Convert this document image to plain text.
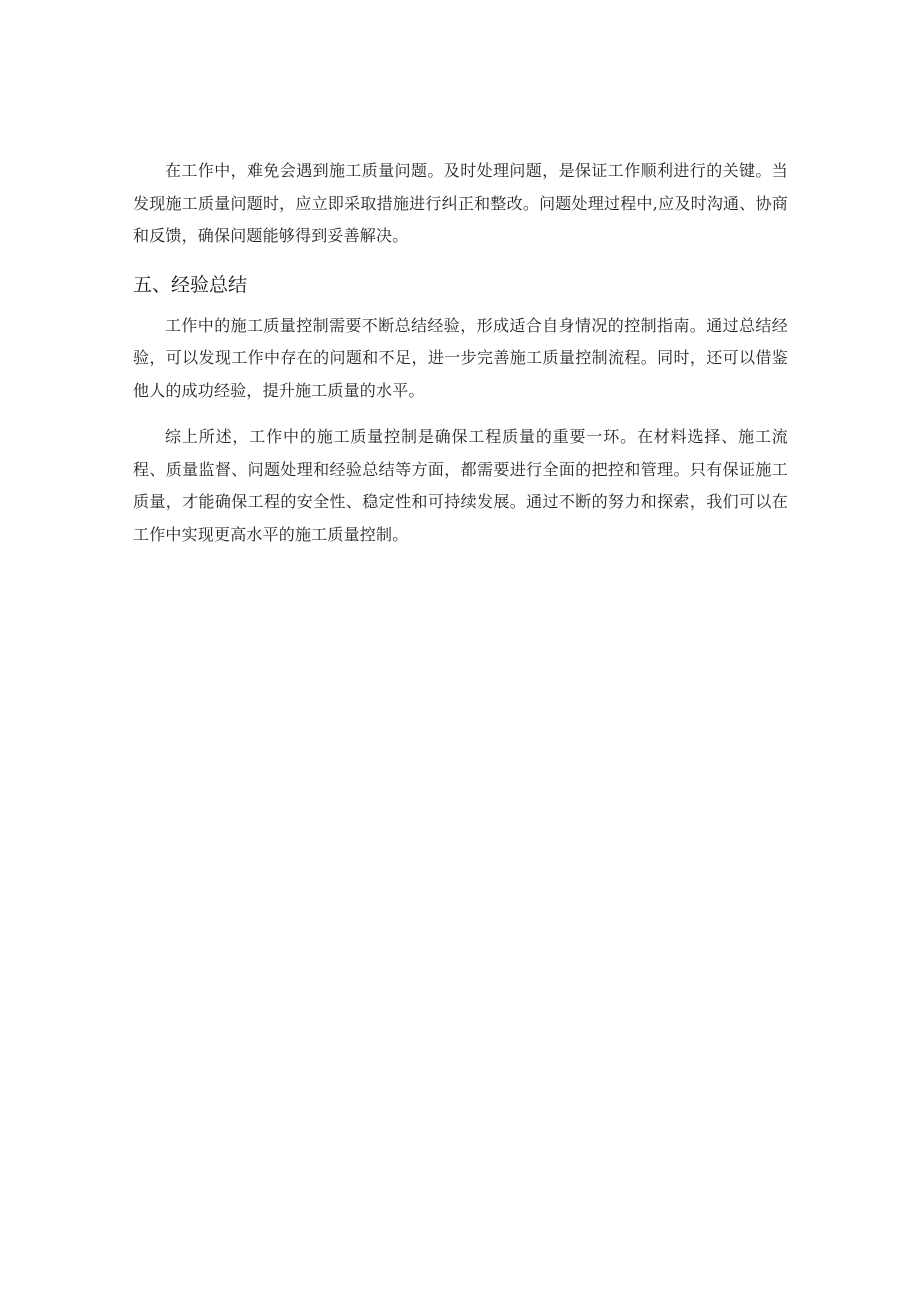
在工作中，难免会遇到施工质量问题。及时处理问题，是保证工作顺利进行的关键。当发现施工质量问题时，应立即采取措施进行纠正和整改。问题处理过程中,应及时沟通、协商和反馈，确保问题能够得到妥善解决。

五、经验总结

工作中的施工质量控制需要不断总结经验，形成适合自身情况的控制指南。通过总结经验，可以发现工作中存在的问题和不足，进一步完善施工质量控制流程。同时，还可以借鉴他人的成功经验，提升施工质量的水平。

综上所述，工作中的施工质量控制是确保工程质量的重要一环。在材料选择、施工流程、质量监督、问题处理和经验总结等方面，都需要进行全面的把控和管理。只有保证施工质量，才能确保工程的安全性、稳定性和可持续发展。通过不断的努力和探索，我们可以在工作中实现更高水平的施工质量控制。
